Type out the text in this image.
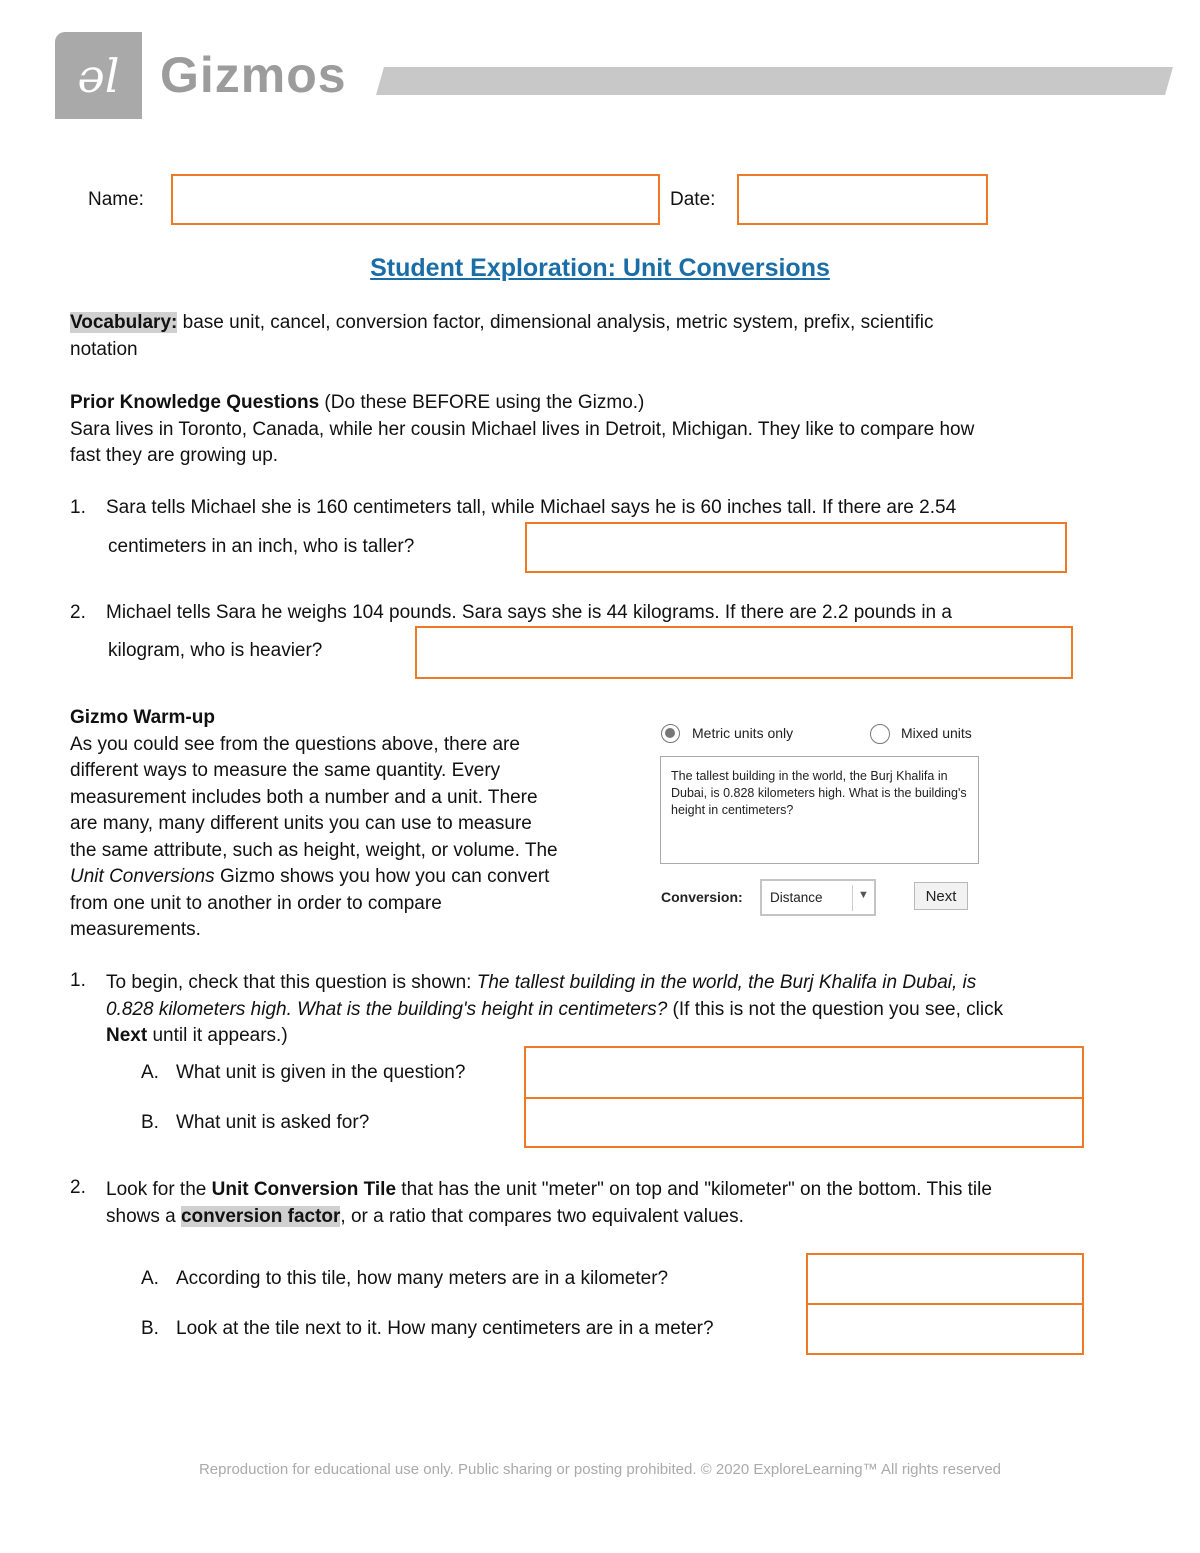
əl Gizmos
Name:	Date:
Student Exploration: Unit Conversions
Vocabulary: base unit, cancel, conversion factor, dimensional analysis, metric system, prefix, scientific
notation
Prior Knowledge Questions (Do these BEFORE using the Gizmo.)
Sara lives in Toronto, Canada, while her cousin Michael lives in Detroit, Michigan. They like to compare how
fast they are growing up.
1. Sara tells Michael she is 160 centimeters tall, while Michael says he is 60 inches tall. If there are 2.54
centimeters in an inch, who is taller?
2. Michael tells Sara he weighs 104 pounds. Sara says she is 44 kilograms. If there are 2.2 pounds in a
kilogram, who is heavier?
Gizmo Warm-up
As you could see from the questions above, there are
different ways to measure the same quantity. Every
measurement includes both a number and a unit. There
are many, many different units you can use to measure
the same attribute, such as height, weight, or volume. The
Unit Conversions Gizmo shows you how you can convert
from one unit to another in order to compare
measurements.
Metric units only	Mixed units
The tallest building in the world, the Burj Khalifa in Dubai, is 0.828 kilometers high. What is the building's height in centimeters?
Conversion: Distance	▼	Next
1. To begin, check that this question is shown: The tallest building in the world, the Burj Khalifa in Dubai, is
0.828 kilometers high. What is the building's height in centimeters? (If this is not the question you see, click
Next until it appears.)
A. What unit is given in the question?
B. What unit is asked for?
2. Look for the Unit Conversion Tile that has the unit "meter" on top and "kilometer" on the bottom. This tile
shows a conversion factor, or a ratio that compares two equivalent values.
A. According to this tile, how many meters are in a kilometer?
B. Look at the tile next to it. How many centimeters are in a meter?
Reproduction for educational use only. Public sharing or posting prohibited. © 2020 ExploreLearning™ All rights reserved
